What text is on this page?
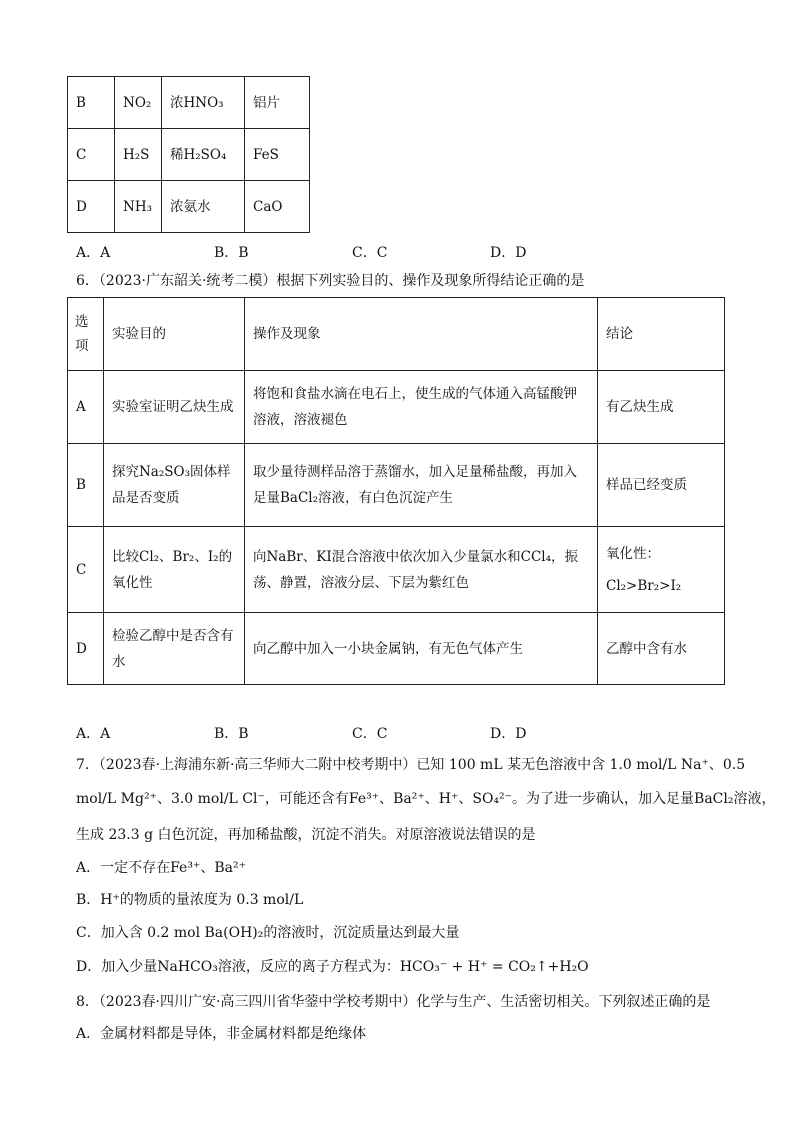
B	NO₂	浓HNO₃	铝片
C	H₂S	稀H₂SO₄	FeS
D	NH₃	浓氨水	CaO
A．A	B．B	C．C	D．D
6．（2023·广东韶关·统考二模）根据下列实验目的、操作及现象所得结论正确的是
选项	实验目的	操作及现象	结论
A	实验室证明乙炔生成	将饱和食盐水滴在电石上，使生成的气体通入高锰酸钾溶液，溶液褪色	有乙炔生成
B	探究Na₂SO₃固体样品是否变质	取少量待测样品溶于蒸馏水，加入足量稀盐酸，再加入足量BaCl₂溶液，有白色沉淀产生	样品已经变质
C	比较Cl₂、Br₂、I₂的氧化性	向NaBr、KI混合溶液中依次加入少量氯水和CCl₄，振荡、静置，溶液分层、下层为紫红色	氧化性：
Cl₂>Br₂>I₂

D	检验乙醇中是否含有水	向乙醇中加入一小块金属钠，有无色气体产生	乙醇中含有水
A．A	B．B	C．C	D．D
7．（2023春·上海浦东新·高三华师大二附中校考期中）已知 100 mL 某无色溶液中含 1.0 mol/L Na⁺、0.5
mol/L Mg²⁺、3.0 mol/L Cl⁻，可能还含有Fe³⁺、Ba²⁺、H⁺、SO₄²⁻。为了进一步确认，加入足量BaCl₂溶液，
生成 23.3 g 白色沉淀，再加稀盐酸，沉淀不消失。对原溶液说法错误的是
A．一定不存在Fe³⁺、Ba²⁺
B．H⁺的物质的量浓度为 0.3 mol/L
C．加入含 0.2 mol Ba(OH)₂的溶液时，沉淀质量达到最大量
D．加入少量NaHCO₃溶液，反应的离子方程式为：HCO₃⁻ + H⁺ = CO₂↑+H₂O
8．（2023春·四川广安·高三四川省华蓥中学校考期中）化学与生产、生活密切相关。下列叙述正确的是
A．金属材料都是导体，非金属材料都是绝缘体
